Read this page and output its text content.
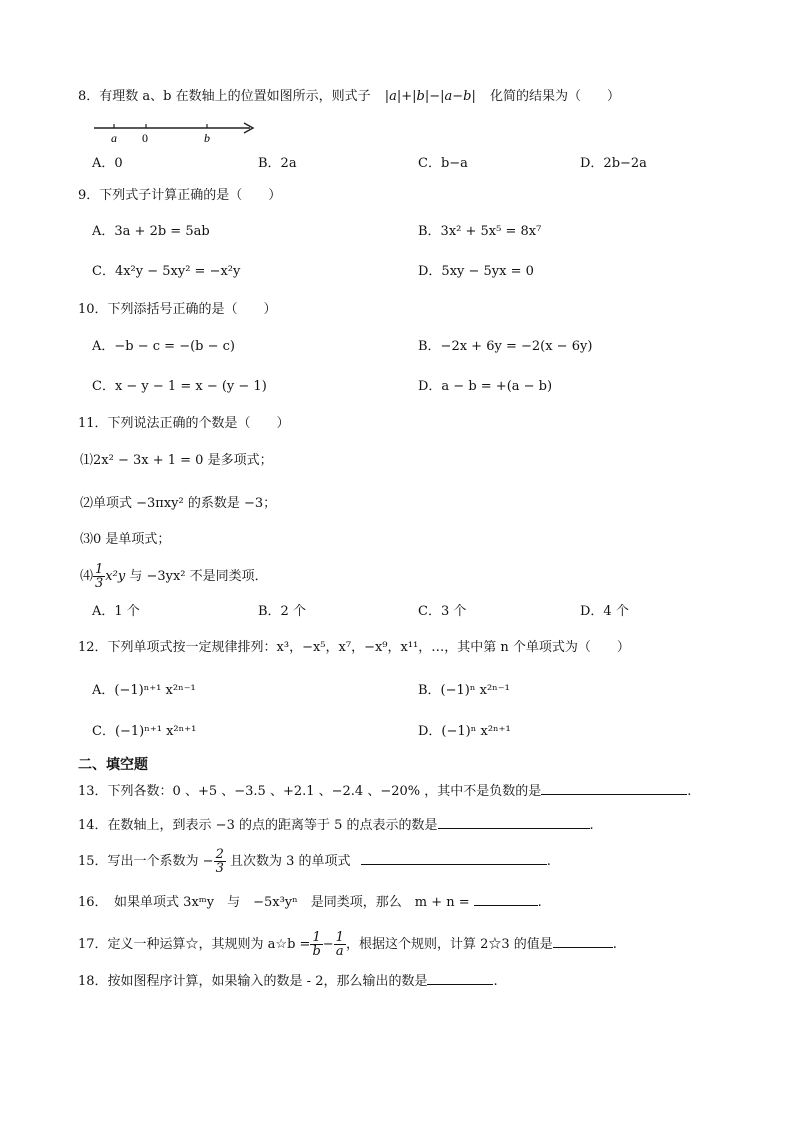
8．有理数 a、b 在数轴上的位置如图所示，则式子 |a|+|b|−|a−b| 化简的结果为（　　）
a 0	b
A．0	B．2a	C．b−a	D．2b−2a
9．下列式子计算正确的是（　　）
A．3a + 2b = 5ab	B．3x² + 5x⁵ = 8x⁷
C．4x²y − 5xy² = −x²y	D．5xy − 5yx = 0
10．下列添括号正确的是（　　）
A．−b − c = −(b − c)	B．−2x + 6y = −2(x − 6y)
C．x − y − 1 = x − (y − 1)	D．a − b = +(a − b)
11．下列说法正确的个数是（　　）
⑴2x² − 3x + 1 = 0 是多项式；
⑵单项式 −3πxy² 的系数是 −3；
⑶0 是单项式；
⑷ $\frac{1}{3} x^2y$ 与 −3yx² 不是同类项．
A．1 个	B．2 个	C．3 个	D．4 个
12．下列单项式按一定规律排列：x³，−x⁵，x⁷，−x⁹，x¹¹，…，其中第 n 个单项式为（　　）
A．(−1)ⁿ⁺¹ x²ⁿ⁻¹	B．(−1)ⁿ x²ⁿ⁻¹
C．(−1)ⁿ⁺¹ x²ⁿ⁺¹	D．(−1)ⁿ x²ⁿ⁺¹
二、填空题
13．下列各数：0 、+5 、−3.5 、+2.1 、−2.4 、−20% ，其中不是负数的是	.
14．在数轴上，到表示 −3 的点的距离等于 5 的点表示的数是	.
15．写出一个系数为 − $\frac{2}{3}$ 且次数为 3 的单项式	.
16．　如果单项式 3xᵐy　与　−5x³yⁿ　是同类项，那么　m + n =	.
17．定义一种运算☆，其规则为 a☆b = $\frac{1}{b} - \frac{1}{a}$ ，根据这个规则，计算 2☆3 的值是	.
18．按如图程序计算，如果输入的数是 - 2，那么输出的数是	.
